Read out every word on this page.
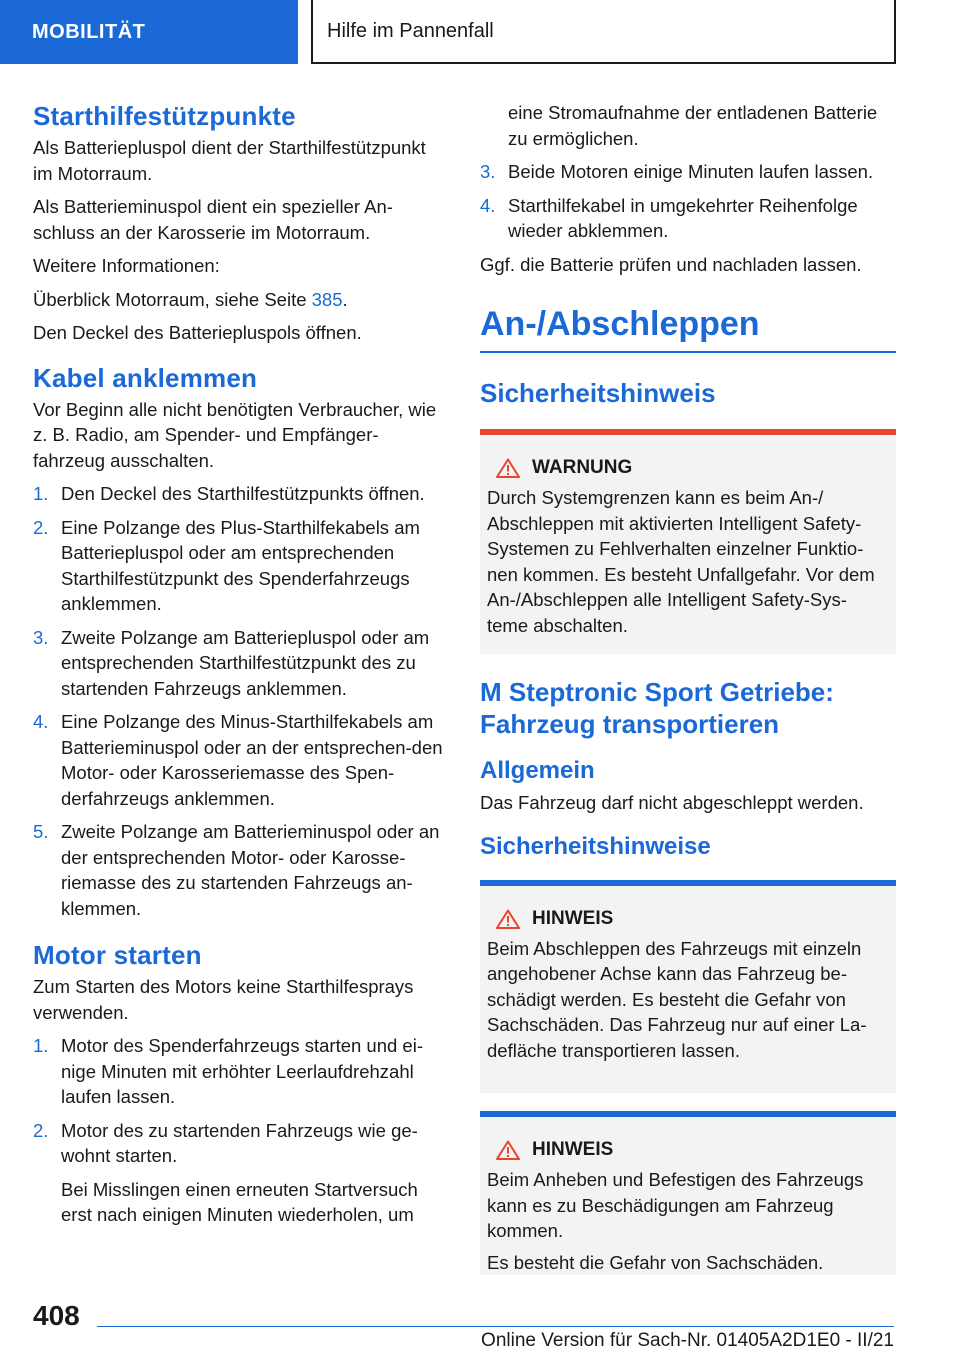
MOBILITÄT	Hilfe im Pannenfall
Starthilfestützpunkte

Als Batteriepluspol dient der Starthilfestützpunkt im Motorraum.

Als Batterieminuspol dient ein spezieller An-schluss an der Karosserie im Motorraum.

Weitere Informationen:

Überblick Motorraum, siehe Seite 385.

Den Deckel des Batteriepluspols öffnen.

Kabel anklemmen

Vor Beginn alle nicht benötigten Verbraucher, wie z. B. Radio, am Spender- und Empfänger-fahrzeug ausschalten.

1. Den Deckel des Starthilfestützpunkts öffnen.
2. Eine Polzange des Plus-Starthilfekabels am Batteriepluspol oder am entsprechenden Starthilfestützpunkt des Spenderfahrzeugs anklemmen.
3. Zweite Polzange am Batteriepluspol oder am entsprechenden Starthilfestützpunkt des zu startenden Fahrzeugs anklemmen.
4. Eine Polzange des Minus-Starthilfekabels am Batterieminuspol oder an der entsprechen-den Motor- oder Karosseriemasse des Spen-derfahrzeugs anklemmen.
5. Zweite Polzange am Batterieminuspol oder an der entsprechenden Motor- oder Karosse-riemasse des zu startenden Fahrzeugs an-klemmen.
Motor starten

Zum Starten des Motors keine Starthilfesprays verwenden.

1. Motor des Spenderfahrzeugs starten und ei-nige Minuten mit erhöhter Leerlaufdrehzahl laufen lassen.
2. Motor des zu startenden Fahrzeugs wie ge-wohnt starten.
Bei Misslingen einen erneuten Startversuch erst nach einigen Minuten wiederholen, um
eine Stromaufnahme der entladenen Batterie zu ermöglichen.
3. Beide Motoren einige Minuten laufen lassen.
4. Starthilfekabel in umgekehrter Reihenfolge wieder abklemmen.

Ggf. die Batterie prüfen und nachladen lassen.

An-/Abschleppen
Sicherheitshinweis
WARNUNG

Durch Systemgrenzen kann es beim An-/ Abschleppen mit aktivierten Intelligent Safety-Systemen zu Fehlverhalten einzelner Funktio-nen kommen. Es besteht Unfallgefahr. Vor dem An-/Abschleppen alle Intelligent Safety-Sys-teme abschalten.

M Steptronic Sport Getriebe: Fahrzeug transportieren
Allgemein

Das Fahrzeug darf nicht abgeschleppt werden.

Sicherheitshinweise
HINWEIS

Beim Abschleppen des Fahrzeugs mit einzeln angehobener Achse kann das Fahrzeug be-schädigt werden. Es besteht die Gefahr von Sachschäden. Das Fahrzeug nur auf einer La-defläche transportieren lassen.

HINWEIS

Beim Anheben und Befestigen des Fahrzeugs kann es zu Beschädigungen am Fahrzeug kommen.

Es besteht die Gefahr von Sachschäden.

408
Online Version für Sach-Nr. 01405A2D1E0 - II/21
